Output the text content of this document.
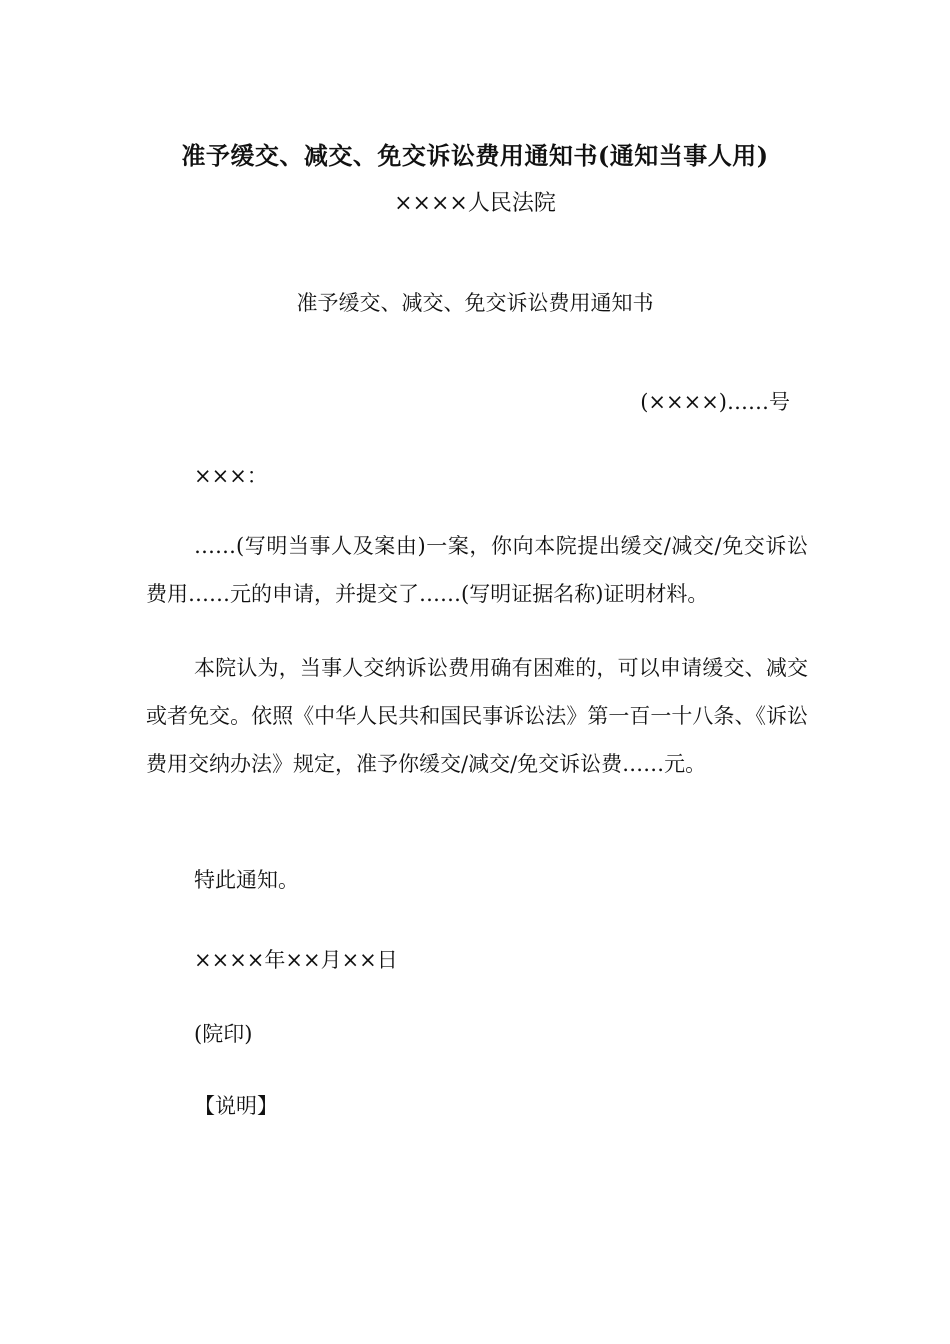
准予缓交、减交、免交诉讼费用通知书(通知当事人用)
××××人民法院
准予缓交、减交、免交诉讼费用通知书
(××××)……号
×××：
……(写明当事人及案由)一案，你向本院提出缓交/减交/免交诉讼费用……元的申请，并提交了……(写明证据名称)证明材料。
本院认为，当事人交纳诉讼费用确有困难的，可以申请缓交、减交或者免交。依照《中华人民共和国民事诉讼法》第一百一十八条、《诉讼费用交纳办法》规定，准予你缓交/减交/免交诉讼费……元。
特此通知。
××××年××月××日
(院印)
【说明】
